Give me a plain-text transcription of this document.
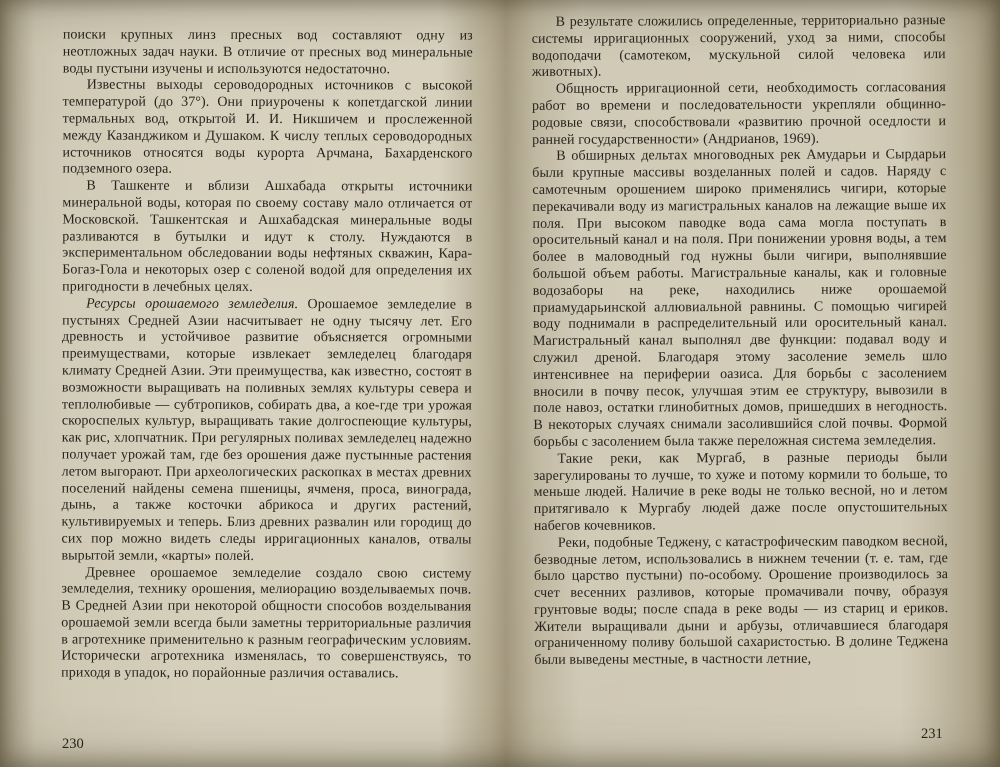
поиски крупных линз пресных вод составляют одну из неотложных задач науки. В отличие от пресных вод минеральные воды пустыни изучены и используются недостаточно.

Известны выходы сероводородных источников с высокой температурой (до 37°). Они приурочены к копетдагской линии термальных вод, открытой И. И. Никшичем и прослеженной между Казанджиком и Душаком. К числу теплых сероводородных источников относятся воды курорта Арчмана, Бахарденского подземного озера.

В Ташкенте и вблизи Ашхабада открыты источники минеральной воды, которая по своему составу мало отличается от Московской. Ташкентская и Ашхабадская минеральные воды разливаются в бутылки и идут к столу. Нуждаются в экспериментальном обследовании воды нефтяных скважин, Кара-Богаз-Гола и некоторых озер с соленой водой для определения их пригодности в лечебных целях.

Ресурсы орошаемого земледелия. Орошаемое земледелие в пустынях Средней Азии насчитывает не одну тысячу лет. Его древность и устойчивое развитие объясняется огромными преимуществами, которые извлекает земледелец благодаря климату Средней Азии. Эти преимущества, как известно, состоят в возможности выращивать на поливных землях культуры севера и теплолюбивые — субтропиков, собирать два, а кое-где три урожая скороспелых культур, выращивать такие долгоспеющие культуры, как рис, хлопчатник. При регулярных поливах земледелец надежно получает урожай там, где без орошения даже пустынные растения летом выгорают. При археологических раскопках в местах древних поселений найдены семена пшеницы, ячменя, проса, винограда, дынь, а также косточки абрикоса и других растений, культивируемых и теперь. Близ древних развалин или городищ до сих пор можно видеть следы ирригационных каналов, отвалы вырытой земли, «карты» полей.

Древнее орошаемое земледелие создало свою систему земледелия, технику орошения, мелиорацию возделываемых почв. В Средней Азии при некоторой общности способов возделывания орошаемой земли всегда были заметны территориальные различия в агротехнике применительно к разным географическим условиям. Исторически агротехника изменялась, то совершенствуясь, то приходя в упадок, но порайонные различия оставались.

В результате сложились определенные, территориально разные системы ирригационных сооружений, уход за ними, способы водоподачи (самотеком, мускульной силой человека или животных).

Общность ирригационной сети, необходимость согласования работ во времени и последовательности укрепляли общинно-родовые связи, способствовали «развитию прочной оседлости и ранней государственности» (Андрианов, 1969).

В обширных дельтах многоводных рек Амударьи и Сырдарьи были крупные массивы возделанных полей и садов. Наряду с самотечным орошением широко применялись чигири, которые перекачивали воду из магистральных каналов на лежащие выше их поля. При высоком паводке вода сама могла поступать в оросительный канал и на поля. При понижении уровня воды, а тем более в маловодный год нужны были чигири, выполнявшие большой объем работы. Магистральные каналы, как и головные водозаборы на реке, находились ниже орошаемой приамударьинской аллювиальной равнины. С помощью чигирей воду поднимали в распределительный или оросительный канал. Магистральный канал выполнял две функции: подавал воду и служил дреной. Благодаря этому засоление земель шло интенсивнее на периферии оазиса. Для борьбы с засолением вносили в почву песок, улучшая этим ее структуру, вывозили в поле навоз, остатки глинобитных домов, пришедших в негодность. В некоторых случаях снимали засолившийся слой почвы. Формой борьбы с засолением была также переложная система земледелия.

Такие реки, как Мургаб, в разные периоды были зарегулированы то лучше, то хуже и потому кормили то больше, то меньше людей. Наличие в реке воды не только весной, но и летом притягивало к Мургабу людей даже после опустошительных набегов кочевников.

Реки, подобные Теджену, с катастрофическим паводком весной, безводные летом, использовались в нижнем течении (т. е. там, где было царство пустыни) по-особому. Орошение производилось за счет весенних разливов, которые промачивали почву, образуя грунтовые воды; после спада в реке воды — из стариц и ериков. Жители выращивали дыни и арбузы, отличавшиеся благодаря ограниченному поливу большой сахаристостью. В долине Теджена были выведены местные, в частности летние,

230
231
